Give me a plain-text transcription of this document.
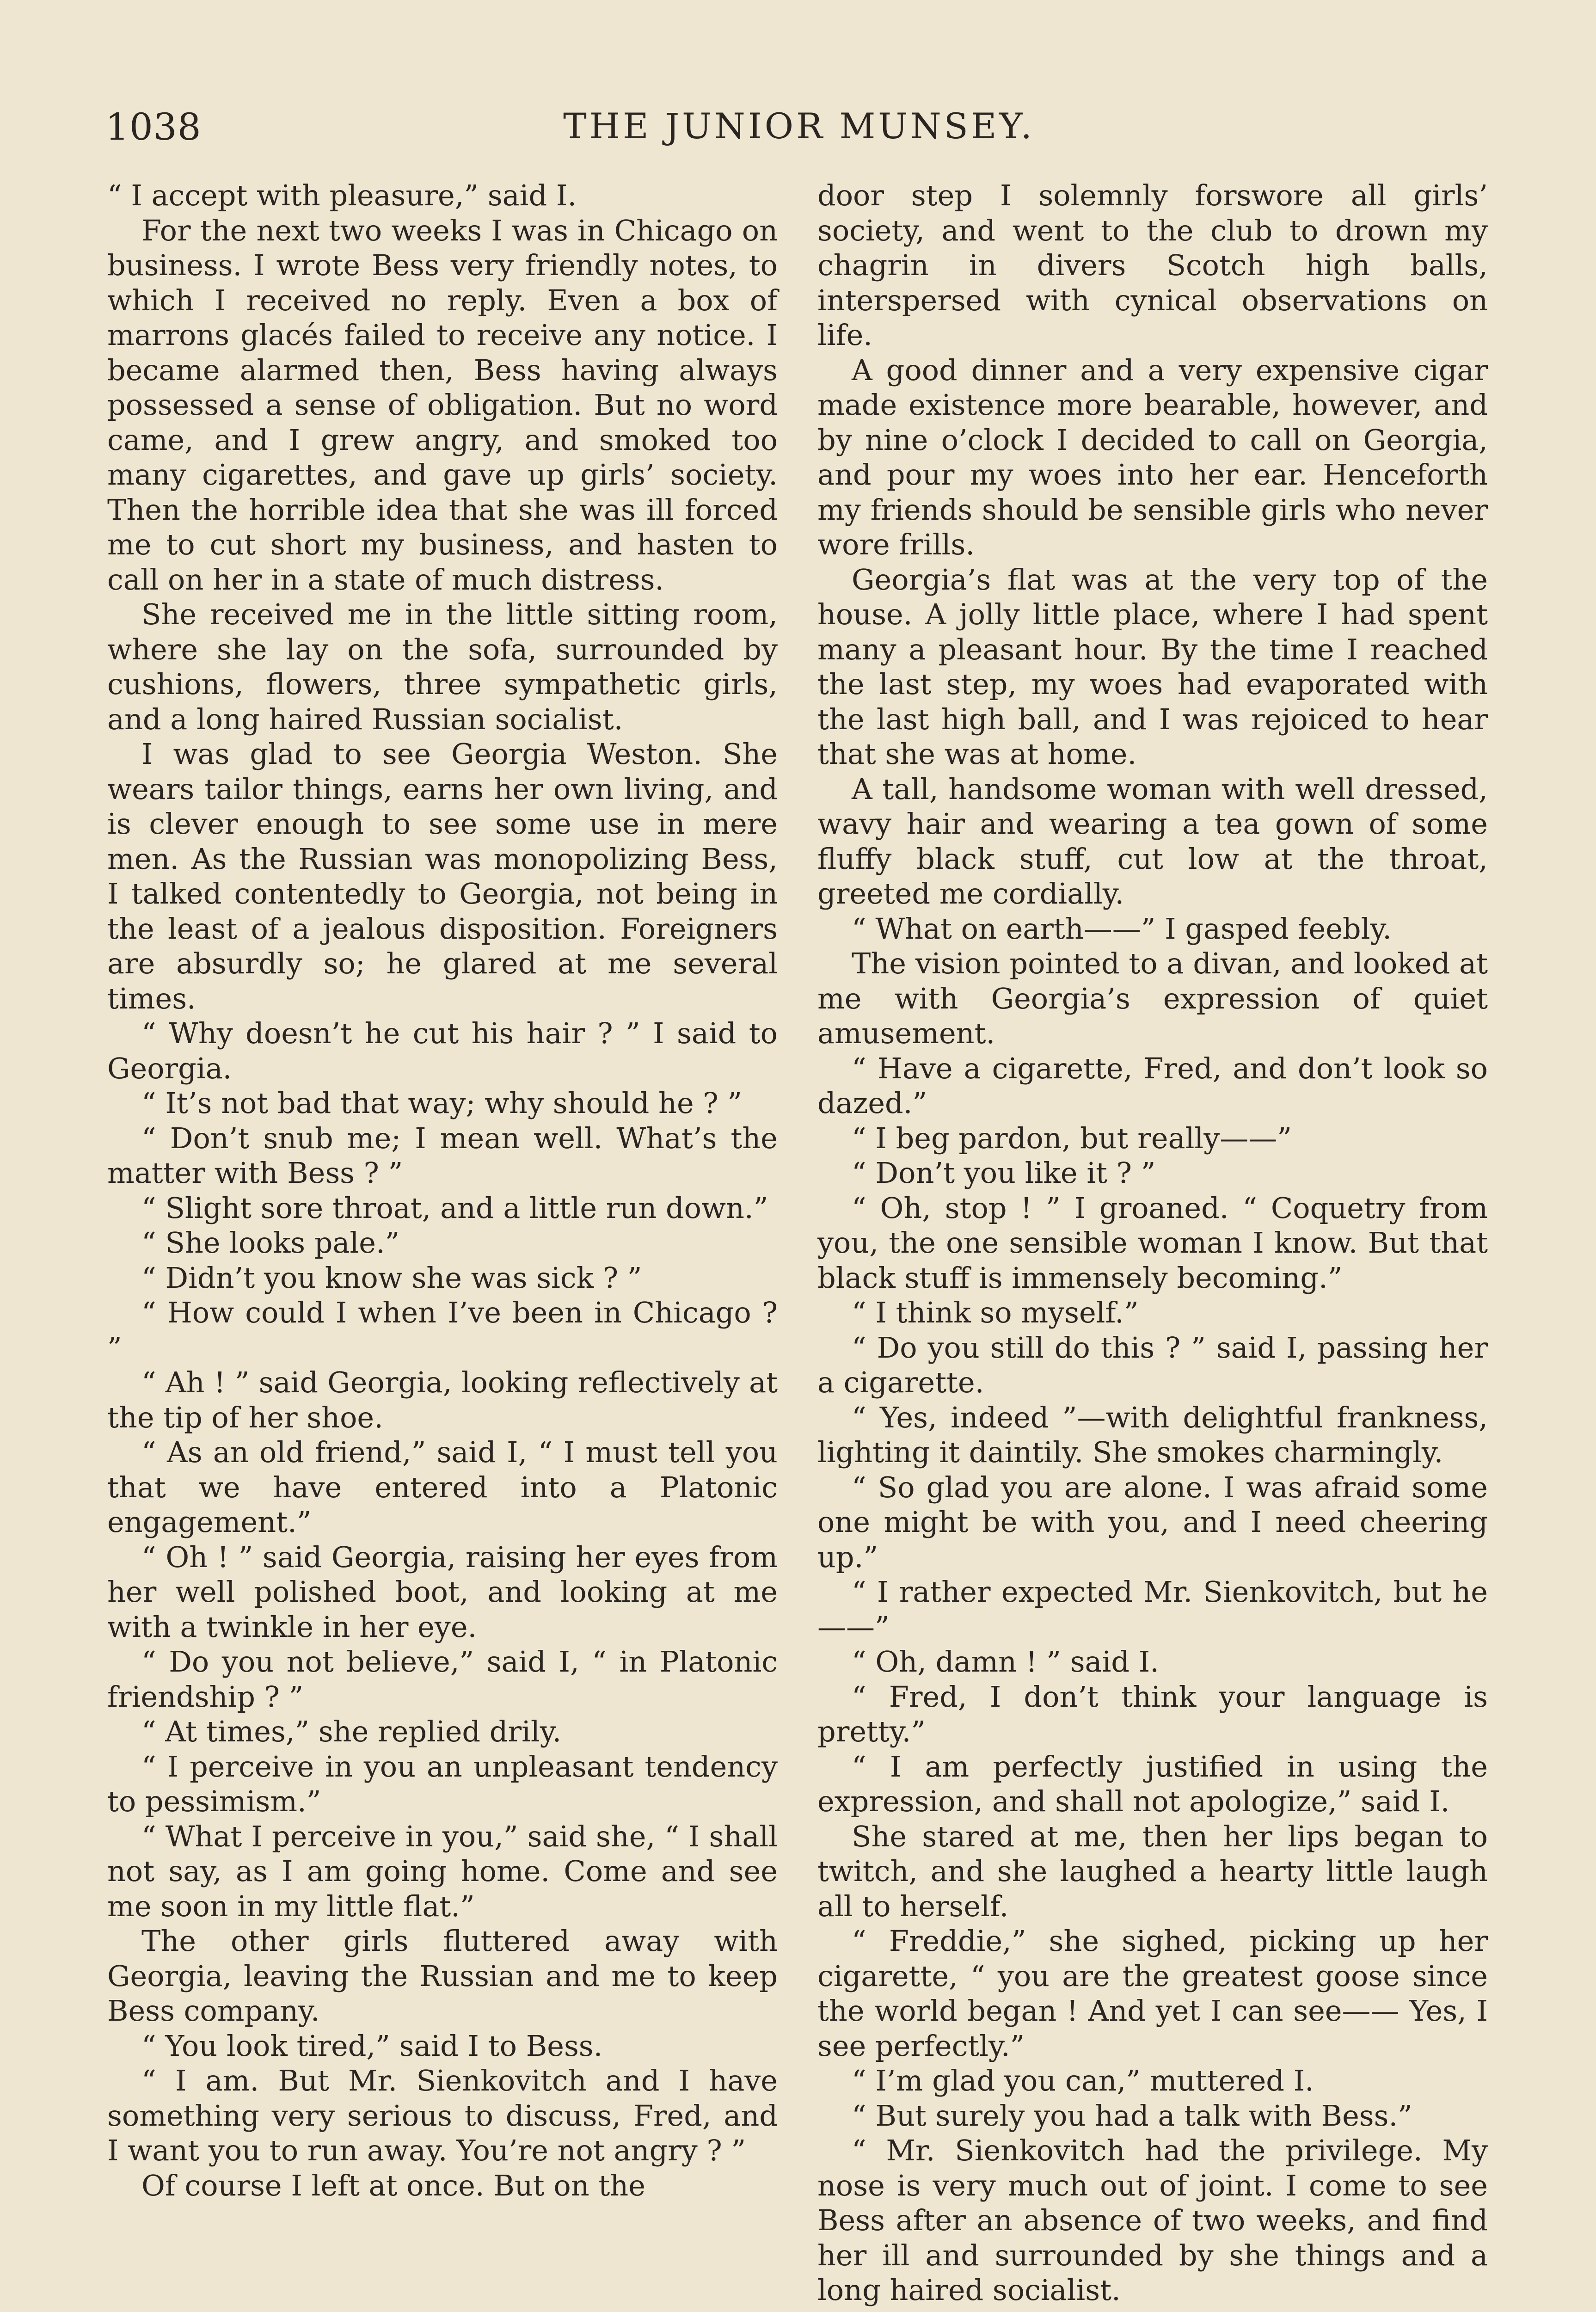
1038	THE JUNIOR MUNSEY.

“ I accept with pleasure,” said I.

For the next two weeks I was in Chicago on business. I wrote Bess very friendly notes, to which I received no reply. Even a box of marrons glacés failed to receive any notice. I became alarmed then, Bess having always possessed a sense of obligation. But no word came, and I grew angry, and smoked too many cigarettes, and gave up girls’ society. Then the horrible idea that she was ill forced me to cut short my business, and hasten to call on her in a state of much distress.

She received me in the little sitting room, where she lay on the sofa, surrounded by cushions, flowers, three sympathetic girls, and a long haired Russian socialist.

I was glad to see Georgia Weston. She wears tailor things, earns her own living, and is clever enough to see some use in mere men. As the Russian was monopolizing Bess, I talked contentedly to Georgia, not being in the least of a jealous disposition. Foreigners are absurdly so; he glared at me several times.

“ Why doesn’t he cut his hair ? ” I said to Georgia.

“ It’s not bad that way; why should he ? ”

“ Don’t snub me; I mean well. What’s the matter with Bess ? ”

“ Slight sore throat, and a little run down.”

“ She looks pale.”

“ Didn’t you know she was sick ? ”

“ How could I when I’ve been in Chicago ? ”

“ Ah ! ” said Georgia, looking reflectively at the tip of her shoe.

“ As an old friend,” said I, “ I must tell you that we have entered into a Platonic engagement.”

“ Oh ! ” said Georgia, raising her eyes from her well polished boot, and looking at me with a twinkle in her eye.

“ Do you not believe,” said I, “ in Platonic friendship ? ”

“ At times,” she replied drily.

“ I perceive in you an unpleasant tendency to pessimism.”

“ What I perceive in you,” said she, “ I shall not say, as I am going home. Come and see me soon in my little flat.”

The other girls fluttered away with Georgia, leaving the Russian and me to keep Bess company.

“ You look tired,” said I to Bess.

“ I am. But Mr. Sienkovitch and I have something very serious to discuss, Fred, and I want you to run away. You’re not angry ? ”

Of course I left at once. But on the

door step I solemnly forswore all girls’ society, and went to the club to drown my chagrin in divers Scotch high balls, interspersed with cynical observations on life.

A good dinner and a very expensive cigar made existence more bearable, however, and by nine o’clock I decided to call on Georgia, and pour my woes into her ear. Henceforth my friends should be sensible girls who never wore frills.

Georgia’s flat was at the very top of the house. A jolly little place, where I had spent many a pleasant hour. By the time I reached the last step, my woes had evaporated with the last high ball, and I was rejoiced to hear that she was at home.

A tall, handsome woman with well dressed, wavy hair and wearing a tea gown of some fluffy black stuff, cut low at the throat, greeted me cordially.

“ What on earth——” I gasped feebly.

The vision pointed to a divan, and looked at me with Georgia’s expression of quiet amusement.

“ Have a cigarette, Fred, and don’t look so dazed.”

“ I beg pardon, but really——”

“ Don’t you like it ? ”

“ Oh, stop ! ” I groaned. “ Coquetry from you, the one sensible woman I know. But that black stuff is immensely becoming.”

“ I think so myself.”

“ Do you still do this ? ” said I, passing her a cigarette.

“ Yes, indeed ”—with delightful frankness, lighting it daintily. She smokes charmingly.

“ So glad you are alone. I was afraid some one might be with you, and I need cheering up.”

“ I rather expected Mr. Sienkovitch, but he——”

“ Oh, damn ! ” said I.

“ Fred, I don’t think your language is pretty.”

“ I am perfectly justified in using the expression, and shall not apologize,” said I.

She stared at me, then her lips began to twitch, and she laughed a hearty little laugh all to herself.

“ Freddie,” she sighed, picking up her cigarette, “ you are the greatest goose since the world began ! And yet I can see—— Yes, I see perfectly.”

“ I’m glad you can,” muttered I.

“ But surely you had a talk with Bess.”

“ Mr. Sienkovitch had the privilege. My nose is very much out of joint. I come to see Bess after an absence of two weeks, and find her ill and surrounded by she things and a long haired socialist.
